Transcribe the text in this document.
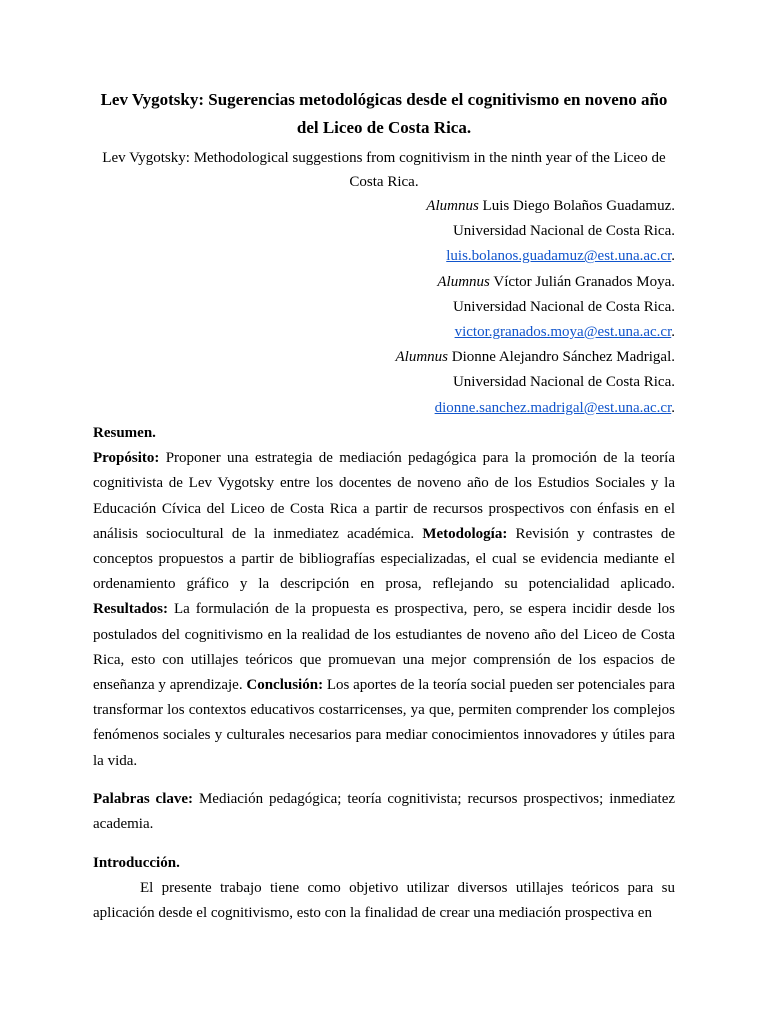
Lev Vygotsky: Sugerencias metodológicas desde el cognitivismo en noveno año del Liceo de Costa Rica.
Lev Vygotsky: Methodological suggestions from cognitivism in the ninth year of the Liceo de Costa Rica.
Alumnus Luis Diego Bolaños Guadamuz.
Universidad Nacional de Costa Rica.
luis.bolanos.guadamuz@est.una.ac.cr.
Alumnus Víctor Julián Granados Moya.
Universidad Nacional de Costa Rica.
victor.granados.moya@est.una.ac.cr.
Alumnus Dionne Alejandro Sánchez Madrigal.
Universidad Nacional de Costa Rica.
dionne.sanchez.madrigal@est.una.ac.cr.

Resumen.

Propósito: Proponer una estrategia de mediación pedagógica para la promoción de la teoría cognitivista de Lev Vygotsky entre los docentes de noveno año de los Estudios Sociales y la Educación Cívica del Liceo de Costa Rica a partir de recursos prospectivos con énfasis en el análisis sociocultural de la inmediatez académica. Metodología: Revisión y contrastes de conceptos propuestos a partir de bibliografías especializadas, el cual se evidencia mediante el ordenamiento gráfico y la descripción en prosa, reflejando su potencialidad aplicado. Resultados: La formulación de la propuesta es prospectiva, pero, se espera incidir desde los postulados del cognitivismo en la realidad de los estudiantes de noveno año del Liceo de Costa Rica, esto con utillajes teóricos que promuevan una mejor comprensión de los espacios de enseñanza y aprendizaje. Conclusión: Los aportes de la teoría social pueden ser potenciales para transformar los contextos educativos costarricenses, ya que, permiten comprender los complejos fenómenos sociales y culturales necesarios para mediar conocimientos innovadores y útiles para la vida.

Palabras clave: Mediación pedagógica; teoría cognitivista; recursos prospectivos; inmediatez academia.

Introducción.

El presente trabajo tiene como objetivo utilizar diversos utillajes teóricos para su aplicación desde el cognitivismo, esto con la finalidad de crear una mediación prospectiva en
